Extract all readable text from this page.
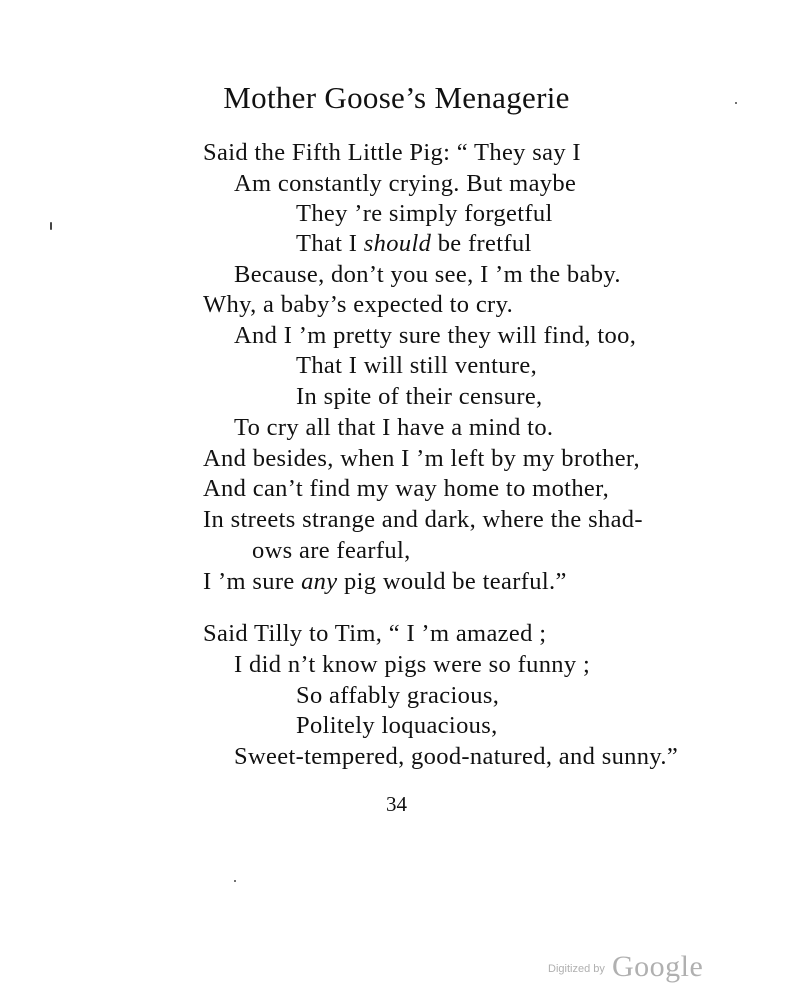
Mother Goose’s Menagerie
Said the Fifth Little Pig: “ They say I
Am constantly crying. But maybe
They ’re simply forgetful
That I should be fretful
Because, don’t you see, I ’m the baby.
Why, a baby’s expected to cry.
And I ’m pretty sure they will find, too,
That I will still venture,
In spite of their censure,
To cry all that I have a mind to.
And besides, when I ’m left by my brother,
And can’t find my way home to mother,
In streets strange and dark, where the shad-
ows are fearful,
I ’m sure any pig would be tearful.”
Said Tilly to Tim, “ I ’m amazed ;
I did n’t know pigs were so funny ;
So affably gracious,
Politely loquacious,
Sweet-tempered, good-natured, and sunny.”
34
$^{Digitized by}$ Google
